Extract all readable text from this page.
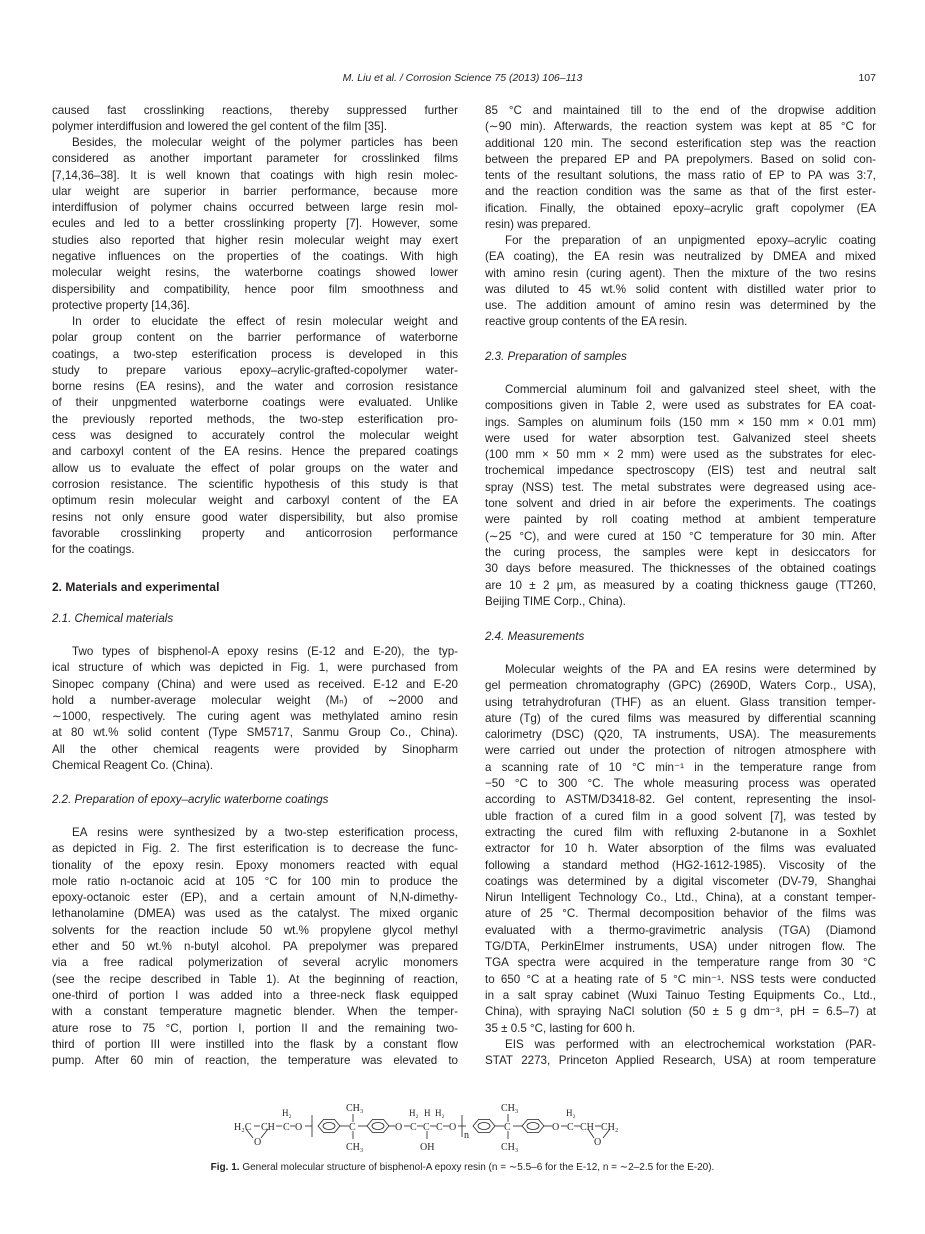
M. Liu et al. / Corrosion Science 75 (2013) 106–113	107
caused fast crosslinking reactions, thereby suppressed further
polymer interdiffusion and lowered the gel content of the film [35].
Besides, the molecular weight of the polymer particles has been
considered as another important parameter for crosslinked films
[7,14,36–38]. It is well known that coatings with high resin molec-
ular weight are superior in barrier performance, because more
interdiffusion of polymer chains occurred between large resin mol-
ecules and led to a better crosslinking property [7]. However, some
studies also reported that higher resin molecular weight may exert
negative influences on the properties of the coatings. With high
molecular weight resins, the waterborne coatings showed lower
dispersibility and compatibility, hence poor film smoothness and
protective property [14,36].
In order to elucidate the effect of resin molecular weight and
polar group content on the barrier performance of waterborne
coatings, a two-step esterification process is developed in this
study to prepare various epoxy–acrylic-grafted-copolymer water-
borne resins (EA resins), and the water and corrosion resistance
of their unpgmented waterborne coatings were evaluated. Unlike
the previously reported methods, the two-step esterification pro-
cess was designed to accurately control the molecular weight
and carboxyl content of the EA resins. Hence the prepared coatings
allow us to evaluate the effect of polar groups on the water and
corrosion resistance. The scientific hypothesis of this study is that
optimum resin molecular weight and carboxyl content of the EA
resins not only ensure good water dispersibility, but also promise
favorable crosslinking property and anticorrosion performance
for the coatings.
2. Materials and experimental
2.1. Chemical materials
Two types of bisphenol-A epoxy resins (E-12 and E-20), the typ-
ical structure of which was depicted in Fig. 1, were purchased from
Sinopec company (China) and were used as received. E-12 and E-20
hold a number-average molecular weight (Mₙ) of ∼2000 and
∼1000, respectively. The curing agent was methylated amino resin
at 80 wt.% solid content (Type SM5717, Sanmu Group Co., China).
All the other chemical reagents were provided by Sinopharm
Chemical Reagent Co. (China).
2.2. Preparation of epoxy–acrylic waterborne coatings
EA resins were synthesized by a two-step esterification process,
as depicted in Fig. 2. The first esterification is to decrease the func-
tionality of the epoxy resin. Epoxy monomers reacted with equal
mole ratio n-octanoic acid at 105 °C for 100 min to produce the
epoxy-octanoic ester (EP), and a certain amount of N,N-dimethy-
lethanolamine (DMEA) was used as the catalyst. The mixed organic
solvents for the reaction include 50 wt.% propylene glycol methyl
ether and 50 wt.% n-butyl alcohol. PA prepolymer was prepared
via a free radical polymerization of several acrylic monomers
(see the recipe described in Table 1). At the beginning of reaction,
one-third of portion I was added into a three-neck flask equipped
with a constant temperature magnetic blender. When the temper-
ature rose to 75 °C, portion I, portion II and the remaining two-
third of portion III were instilled into the flask by a constant flow
pump. After 60 min of reaction, the temperature was elevated to
85 °C and maintained till to the end of the dropwise addition
(∼90 min). Afterwards, the reaction system was kept at 85 °C for
additional 120 min. The second esterification step was the reaction
between the prepared EP and PA prepolymers. Based on solid con-
tents of the resultant solutions, the mass ratio of EP to PA was 3:7,
and the reaction condition was the same as that of the first ester-
ification. Finally, the obtained epoxy–acrylic graft copolymer (EA
resin) was prepared.
For the preparation of an unpigmented epoxy–acrylic coating
(EA coating), the EA resin was neutralized by DMEA and mixed
with amino resin (curing agent). Then the mixture of the two resins
was diluted to 45 wt.% solid content with distilled water prior to
use. The addition amount of amino resin was determined by the
reactive group contents of the EA resin.
2.3. Preparation of samples
Commercial aluminum foil and galvanized steel sheet, with the
compositions given in Table 2, were used as substrates for EA coat-
ings. Samples on aluminum foils (150 mm × 150 mm × 0.01 mm)
were used for water absorption test. Galvanized steel sheets
(100 mm × 50 mm × 2 mm) were used as the substrates for elec-
trochemical impedance spectroscopy (EIS) test and neutral salt
spray (NSS) test. The metal substrates were degreased using ace-
tone solvent and dried in air before the experiments. The coatings
were painted by roll coating method at ambient temperature
(∼25 °C), and were cured at 150 °C temperature for 30 min. After
the curing process, the samples were kept in desiccators for
30 days before measured. The thicknesses of the obtained coatings
are 10 ± 2 μm, as measured by a coating thickness gauge (TT260,
Beijing TIME Corp., China).
2.4. Measurements
Molecular weights of the PA and EA resins were determined by
gel permeation chromatography (GPC) (2690D, Waters Corp., USA),
using tetrahydrofuran (THF) as an eluent. Glass transition temper-
ature (Tg) of the cured films was measured by differential scanning
calorimetry (DSC) (Q20, TA instruments, USA). The measurements
were carried out under the protection of nitrogen atmosphere with
a scanning rate of 10 °C min⁻¹ in the temperature range from
−50 °C to 300 °C. The whole measuring process was operated
according to ASTM/D3418-82. Gel content, representing the insol-
uble fraction of a cured film in a good solvent [7], was tested by
extracting the cured film with refluxing 2-butanone in a Soxhlet
extractor for 10 h. Water absorption of the films was evaluated
following a standard method (HG2-1612-1985). Viscosity of the
coatings was determined by a digital viscometer (DV-79, Shanghai
Nirun Intelligent Technology Co., Ltd., China), at a constant temper-
ature of 25 °C. Thermal decomposition behavior of the films was
evaluated with a thermo-gravimetric analysis (TGA) (Diamond
TG/DTA, PerkinElmer instruments, USA) under nitrogen flow. The
TGA spectra were acquired in the temperature range from 30 °C
to 650 °C at a heating rate of 5 °C min⁻¹. NSS tests were conducted
in a salt spray cabinet (Wuxi Tainuo Testing Equipments Co., Ltd.,
China), with spraying NaCl solution (50 ± 5 g dm⁻³, pH = 6.5–7) at
35 ± 0.5 °C, lasting for 600 h.
EIS was performed with an electrochemical workstation (PAR-
STAT 2273, Princeton Applied Research, USA) at room temperature
H₂C CH C
H₂
O
O
C
CH₃
CH₃
O C
H₂
C
H
OH
C
H₂
O
n
C
CH₃
CH₃
O C
H₂
CH CH₂
O
Fig. 1. General molecular structure of bisphenol-A epoxy resin (n = ∼5.5–6 for the E-12, n = ∼2–2.5 for the E-20).
